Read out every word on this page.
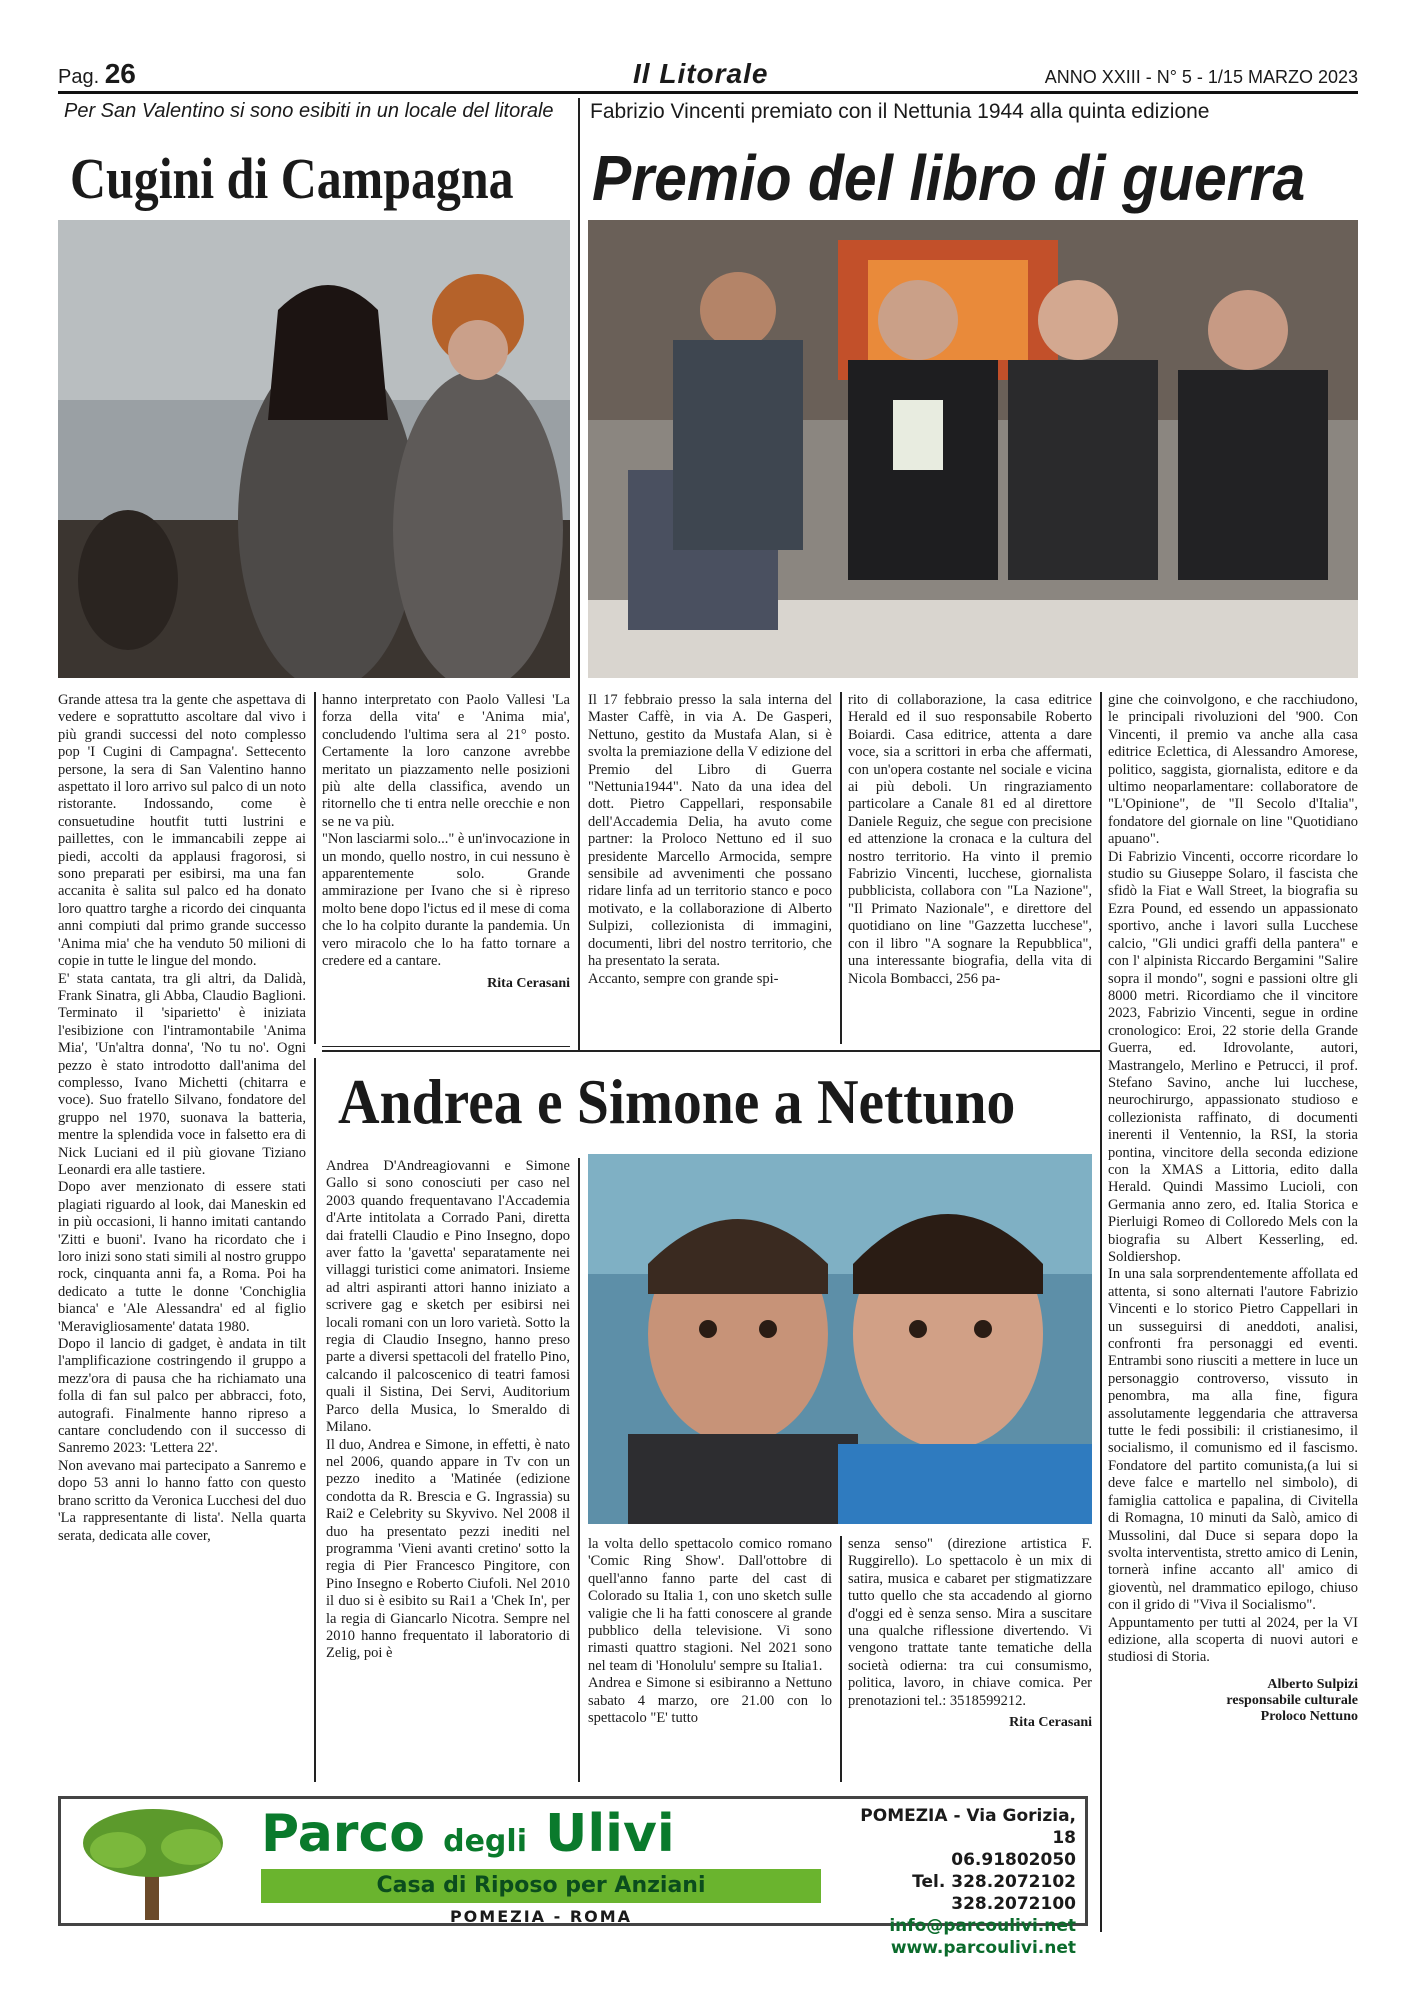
Pag. 26	Il Litorale	ANNO XXIII - N° 5 - 1/15 MARZO 2023
Per San Valentino si sono esibiti in un locale del litorale
Cugini di Campagna

Grande attesa tra la gente che aspettava di vedere e soprattutto ascoltare dal vivo i più grandi successi del noto complesso pop 'I Cugini di Campagna'. Settecento persone, la sera di San Valentino hanno aspettato il loro arrivo sul palco di un noto ristorante. Indossando, come è consuetudine houtfit tutti lustrini e paillettes, con le immancabili zeppe ai piedi, accolti da applausi fragorosi, si sono preparati per esibirsi, ma una fan accanita è salita sul palco ed ha donato loro quattro targhe a ricordo dei cinquanta anni compiuti dal primo grande successo 'Anima mia' che ha venduto 50 milioni di copie in tutte le lingue del mondo.

E' stata cantata, tra gli altri, da Dalidà, Frank Sinatra, gli Abba, Claudio Baglioni. Terminato il 'siparietto' è iniziata l'esibizione con l'intramontabile 'Anima Mia', 'Un'altra donna', 'No tu no'. Ogni pezzo è stato introdotto dall'anima del complesso, Ivano Michetti (chitarra e voce). Suo fratello Silvano, fondatore del gruppo nel 1970, suonava la batteria, mentre la splendida voce in falsetto era di Nick Luciani ed il più giovane Tiziano Leonardi era alle tastiere.

Dopo aver menzionato di essere stati plagiati riguardo al look, dai Maneskin ed in più occasioni, li hanno imitati cantando 'Zitti e buoni'. Ivano ha ricordato che i loro inizi sono stati simili al nostro gruppo rock, cinquanta anni fa, a Roma. Poi ha dedicato a tutte le donne 'Conchiglia bianca' e 'Ale Alessandra' ed al figlio 'Meravigliosamente' datata 1980.

Dopo il lancio di gadget, è andata in tilt l'amplificazione costringendo il gruppo a mezz'ora di pausa che ha richiamato una folla di fan sul palco per abbracci, foto, autografi. Finalmente hanno ripreso a cantare concludendo con il successo di Sanremo 2023: 'Lettera 22'.

Non avevano mai partecipato a Sanremo e dopo 53 anni lo hanno fatto con questo brano scritto da Veronica Lucchesi del duo 'La rappresentante di lista'. Nella quarta serata, dedicata alle cover,

hanno interpretato con Paolo Vallesi 'La forza della vita' e 'Anima mia', concludendo l'ultima sera al 21° posto. Certamente la loro canzone avrebbe meritato un piazzamento nelle posizioni più alte della classifica, avendo un ritornello che ti entra nelle orecchie e non se ne va più.

"Non lasciarmi solo..." è un'invocazione in un mondo, quello nostro, in cui nessuno è apparentemente solo. Grande ammirazione per Ivano che si è ripreso molto bene dopo l'ictus ed il mese di coma che lo ha colpito durante la pandemia. Un vero miracolo che lo ha fatto tornare a credere ed a cantare.

Rita Cerasani
Fabrizio Vincenti premiato con il Nettunia 1944 alla quinta edizione
Premio del libro di guerra

Il 17 febbraio presso la sala interna del Master Caffè, in via A. De Gasperi, Nettuno, gestito da Mustafa Alan, si è svolta la premiazione della V edizione del Premio del Libro di Guerra "Nettunia1944". Nato da una idea del dott. Pietro Cappellari, responsabile dell'Accademia Delia, ha avuto come partner: la Proloco Nettuno ed il suo presidente Marcello Armocida, sempre sensibile ad avvenimenti che possano ridare linfa ad un territorio stanco e poco motivato, e la collaborazione di Alberto Sulpizi, collezionista di immagini, documenti, libri del nostro territorio, che ha presentato la serata.

Accanto, sempre con grande spi-

rito di collaborazione, la casa editrice Herald ed il suo responsabile Roberto Boiardi. Casa editrice, attenta a dare voce, sia a scrittori in erba che affermati, con un'opera costante nel sociale e vicina ai più deboli. Un ringraziamento particolare a Canale 81 ed al direttore Daniele Reguiz, che segue con precisione ed attenzione la cronaca e la cultura del nostro territorio. Ha vinto il premio Fabrizio Vincenti, lucchese, giornalista pubblicista, collabora con "La Nazione", "Il Primato Nazionale", e direttore del quotidiano on line "Gazzetta lucchese", con il libro "A sognare la Repubblica", una interessante biografia, della vita di Nicola Bombacci, 256 pa-

gine che coinvolgono, e che racchiudono, le principali rivoluzioni del '900. Con Vincenti, il premio va anche alla casa editrice Eclettica, di Alessandro Amorese, politico, saggista, giornalista, editore e da ultimo neoparlamentare: collaboratore de "L'Opinione", de "Il Secolo d'Italia", fondatore del giornale on line "Quotidiano apuano".

Di Fabrizio Vincenti, occorre ricordare lo studio su Giuseppe Solaro, il fascista che sfidò la Fiat e Wall Street, la biografia su Ezra Pound, ed essendo un appassionato sportivo, anche i lavori sulla Lucchese calcio, "Gli undici graffi della pantera" e con l' alpinista Riccardo Bergamini "Salire sopra il mondo", sogni e passioni oltre gli 8000 metri. Ricordiamo che il vincitore 2023, Fabrizio Vincenti, segue in ordine cronologico: Eroi, 22 storie della Grande Guerra, ed. Idrovolante, autori, Mastrangelo, Merlino e Petrucci, il prof. Stefano Savino, anche lui lucchese, neurochirurgo, appassionato studioso e collezionista raffinato, di documenti inerenti il Ventennio, la RSI, la storia pontina, vincitore della seconda edizione con la XMAS a Littoria, edito dalla Herald. Quindi Massimo Lucioli, con Germania anno zero, ed. Italia Storica e Pierluigi Romeo di Colloredo Mels con la biografia su Albert Kesserling, ed. Soldiershop.

In una sala sorprendentemente affollata ed attenta, si sono alternati l'autore Fabrizio Vincenti e lo storico Pietro Cappellari in un susseguirsi di aneddoti, analisi, confronti fra personaggi ed eventi. Entrambi sono riusciti a mettere in luce un personaggio controverso, vissuto in penombra, ma alla fine, figura assolutamente leggendaria che attraversa tutte le fedi possibili: il cristianesimo, il socialismo, il comunismo ed il fascismo. Fondatore del partito comunista,(a lui si deve falce e martello nel simbolo), di famiglia cattolica e papalina, di Civitella di Romagna, 10 minuti da Salò, amico di Mussolini, dal Duce si separa dopo la svolta interventista, stretto amico di Lenin, tornerà infine accanto all' amico di gioventù, nel drammatico epilogo, chiuso con il grido di "Viva il Socialismo".

Appuntamento per tutti al 2024, per la VI edizione, alla scoperta di nuovi autori e studiosi di Storia.

Alberto Sulpizi
responsabile culturale
Proloco Nettuno
Andrea e Simone a Nettuno

Andrea D'Andreagiovanni e Simone Gallo si sono conosciuti per caso nel 2003 quando frequentavano l'Accademia d'Arte intitolata a Corrado Pani, diretta dai fratelli Claudio e Pino Insegno, dopo aver fatto la 'gavetta' separatamente nei villaggi turistici come animatori. Insieme ad altri aspiranti attori hanno iniziato a scrivere gag e sketch per esibirsi nei locali romani con un loro varietà. Sotto la regia di Claudio Insegno, hanno preso parte a diversi spettacoli del fratello Pino, calcando il palcoscenico di teatri famosi quali il Sistina, Dei Servi, Auditorium Parco della Musica, lo Smeraldo di Milano.

Il duo, Andrea e Simone, in effetti, è nato nel 2006, quando appare in Tv con un pezzo inedito a 'Matinée (edizione condotta da R. Brescia e G. Ingrassia) su Rai2 e Celebrity su Skyvivo. Nel 2008 il duo ha presentato pezzi inediti nel programma 'Vieni avanti cretino' sotto la regia di Pier Francesco Pingitore, con Pino Insegno e Roberto Ciufoli. Nel 2010 il duo si è esibito su Rai1 a 'Chek In', per la regia di Giancarlo Nicotra. Sempre nel 2010 hanno frequentato il laboratorio di Zelig, poi è

la volta dello spettacolo comico romano 'Comic Ring Show'. Dall'ottobre di quell'anno fanno parte del cast di Colorado su Italia 1, con uno sketch sulle valigie che li ha fatti conoscere al grande pubblico della televisione. Vi sono rimasti quattro stagioni. Nel 2021 sono nel team di 'Honolulu' sempre su Italia1.

Andrea e Simone si esibiranno a Nettuno sabato 4 marzo, ore 21.00 con lo spettacolo "E' tutto

senza senso" (direzione artistica F. Ruggirello). Lo spettacolo è un mix di satira, musica e cabaret per stigmatizzare tutto quello che sta accadendo al giorno d'oggi ed è senza senso. Mira a suscitare una qualche riflessione divertendo. Vi vengono trattate tante tematiche della società odierna: tra cui consumismo, politica, lavoro, in chiave comica. Per prenotazioni tel.: 3518599212.

Rita Cerasani
Parco degli Ulivi
Casa di Riposo per Anziani
POMEZIA - ROMA
POMEZIA - Via Gorizia, 18
06.91802050
Tel. 328.2072102
328.2072100
info@parcoulivi.net
www.parcoulivi.net
